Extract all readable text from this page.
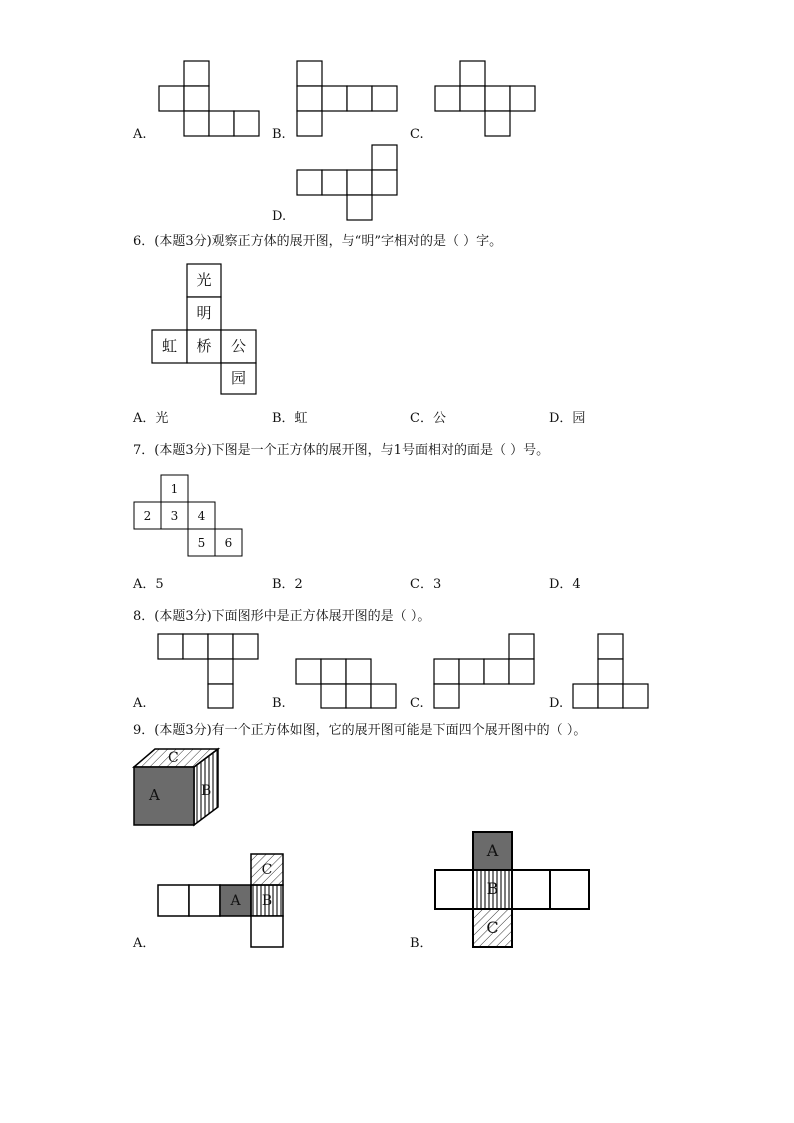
A.	B.	C.
D.
6．(本题3分)观察正方体的展开图，与“明”字相对的是（ ）字。
光
明
虹	桥	公
园
A．光	B．虹	C．公	D．园
7．(本题3分)下图是一个正方体的展开图，与1号面相对的面是（ ）号。
1
2	3	4
5	6
A．5	B．2	C．3	D．4
8．(本题3分)下面图形中是正方体展开图的是（ ）。
A.	B.	C.	D.
9．(本题3分)有一个正方体如图，它的展开图可能是下面四个展开图中的（ ）。
A	B
C
A	B
C
A
B
C
A．	B．
